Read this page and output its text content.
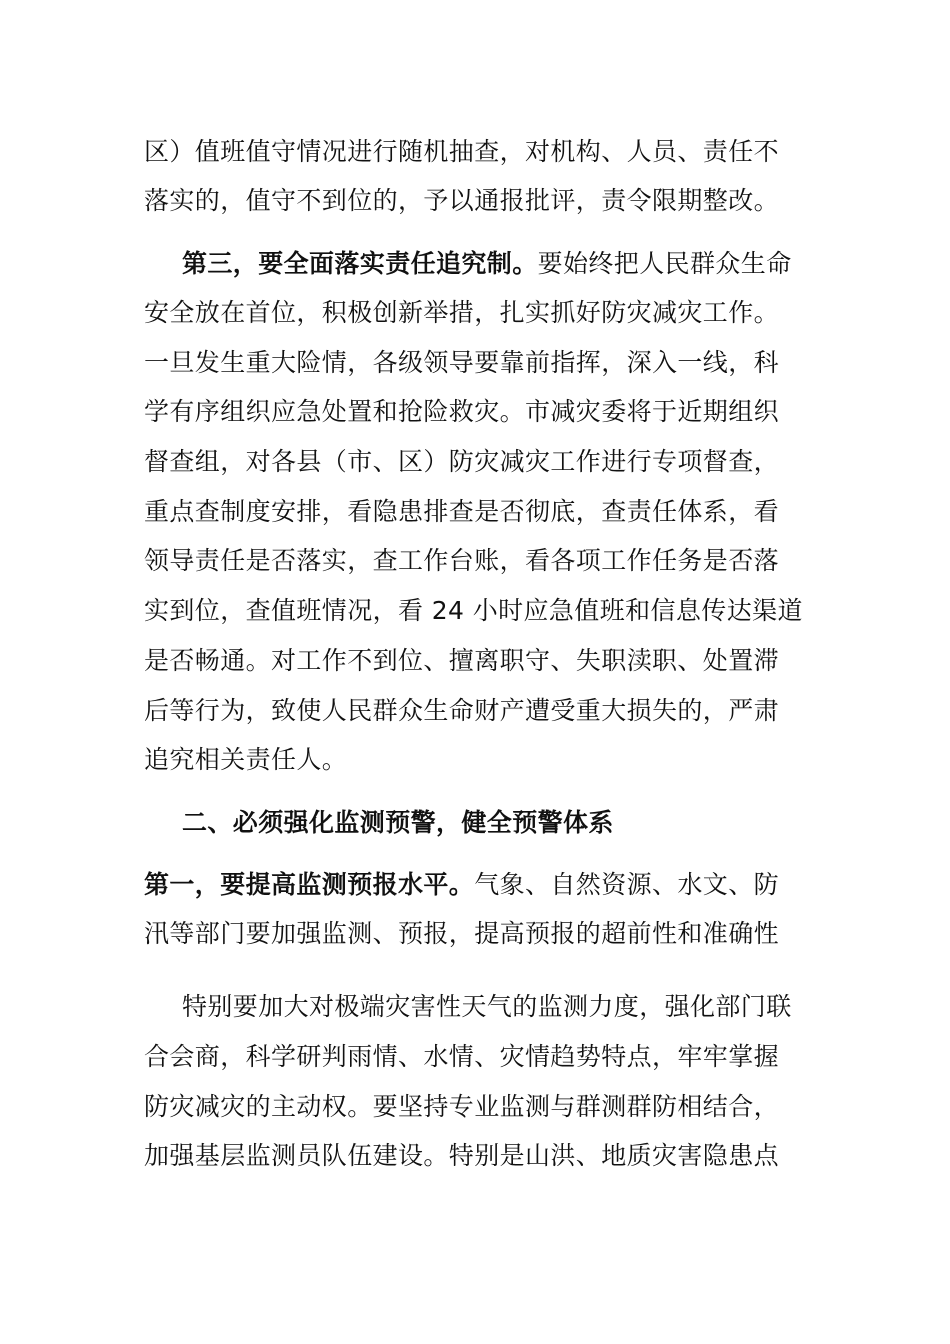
区）值班值守情况进行随机抽查，对机构、人员、责任不
落实的，值守不到位的，予以通报批评，责令限期整改。
第三，要全面落实责任追究制。要始终把人民群众生命
安全放在首位，积极创新举措，扎实抓好防灾减灾工作。
一旦发生重大险情，各级领导要靠前指挥，深入一线，科
学有序组织应急处置和抢险救灾。市减灾委将于近期组织
督查组，对各县（市、区）防灾减灾工作进行专项督查，
重点查制度安排，看隐患排查是否彻底，查责任体系，看
领导责任是否落实，查工作台账，看各项工作任务是否落
实到位，查值班情况，看 24 小时应急值班和信息传达渠道
是否畅通。对工作不到位、擅离职守、失职渎职、处置滞
后等行为，致使人民群众生命财产遭受重大损失的，严肃
追究相关责任人。
二、必须强化监测预警，健全预警体系
第一，要提高监测预报水平。气象、自然资源、水文、防
汛等部门要加强监测、预报，提高预报的超前性和准确性
特别要加大对极端灾害性天气的监测力度，强化部门联
合会商，科学研判雨情、水情、灾情趋势特点，牢牢掌握
防灾减灾的主动权。要坚持专业监测与群测群防相结合，
加强基层监测员队伍建设。特别是山洪、地质灾害隐患点
